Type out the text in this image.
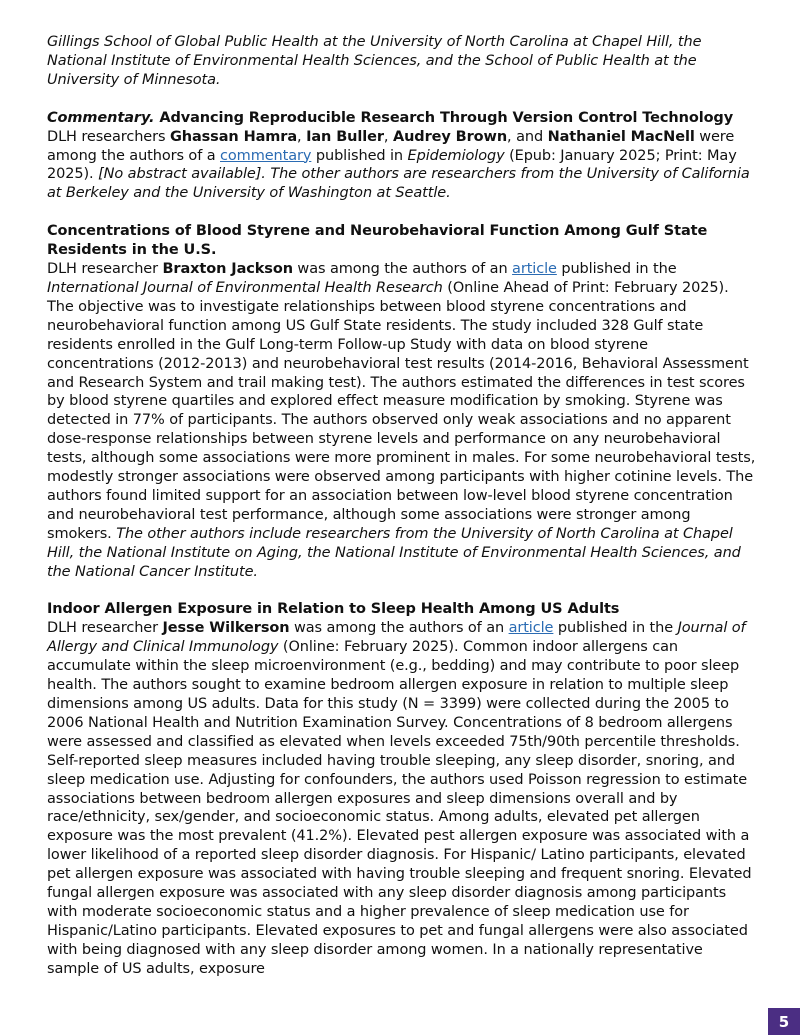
Gillings School of Global Public Health at the University of North Carolina at Chapel Hill, the National Institute of Environmental Health Sciences, and the School of Public Health at the University of Minnesota.

Commentary. Advancing Reproducible Research Through Version Control Technology
DLH researchers Ghassan Hamra, Ian Buller, Audrey Brown, and Nathaniel MacNell were among the authors of a commentary published in Epidemiology (Epub: January 2025; Print: May 2025). [No abstract available]. The other authors are researchers from the University of California at Berkeley and the University of Washington at Seattle.

Concentrations of Blood Styrene and Neurobehavioral Function Among Gulf State Residents in the U.S.
DLH researcher Braxton Jackson was among the authors of an article published in the International Journal of Environmental Health Research (Online Ahead of Print: February 2025). The objective was to investigate relationships between blood styrene concentrations and neurobehavioral function among US Gulf State residents. The study included 328 Gulf state residents enrolled in the Gulf Long-term Follow-up Study with data on blood styrene concentrations (2012-2013) and neurobehavioral test results (2014-2016, Behavioral Assessment and Research System and trail making test). The authors estimated the differences in test scores by blood styrene quartiles and explored effect measure modification by smoking. Styrene was detected in 77% of participants. The authors observed only weak associations and no apparent dose-response relationships between styrene levels and performance on any neurobehavioral tests, although some associations were more prominent in males. For some neurobehavioral tests, modestly stronger associations were observed among participants with higher cotinine levels. The authors found limited support for an association between low-level blood styrene concentration and neurobehavioral test performance, although some associations were stronger among smokers. The other authors include researchers from the University of North Carolina at Chapel Hill, the National Institute on Aging, the National Institute of Environmental Health Sciences, and the National Cancer Institute.

Indoor Allergen Exposure in Relation to Sleep Health Among US Adults
DLH researcher Jesse Wilkerson was among the authors of an article published in the Journal of Allergy and Clinical Immunology (Online: February 2025). Common indoor allergens can accumulate within the sleep microenvironment (e.g., bedding) and may contribute to poor sleep health. The authors sought to examine bedroom allergen exposure in relation to multiple sleep dimensions among US adults. Data for this study (N = 3399) were collected during the 2005 to 2006 National Health and Nutrition Examination Survey. Concentrations of 8 bedroom allergens were assessed and classified as elevated when levels exceeded 75th/90th percentile thresholds. Self-reported sleep measures included having trouble sleeping, any sleep disorder, snoring, and sleep medication use. Adjusting for confounders, the authors used Poisson regression to estimate associations between bedroom allergen exposures and sleep dimensions overall and by race/ethnicity, sex/gender, and socioeconomic status. Among adults, elevated pet allergen exposure was the most prevalent (41.2%). Elevated pest allergen exposure was associated with a lower likelihood of a reported sleep disorder diagnosis. For Hispanic/ Latino participants, elevated pet allergen exposure was associated with having trouble sleeping and frequent snoring. Elevated fungal allergen exposure was associated with any sleep disorder diagnosis among participants with moderate socioeconomic status and a higher prevalence of sleep medication use for Hispanic/Latino participants. Elevated exposures to pet and fungal allergens were also associated with being diagnosed with any sleep disorder among women. In a nationally representative sample of US adults, exposure

5
